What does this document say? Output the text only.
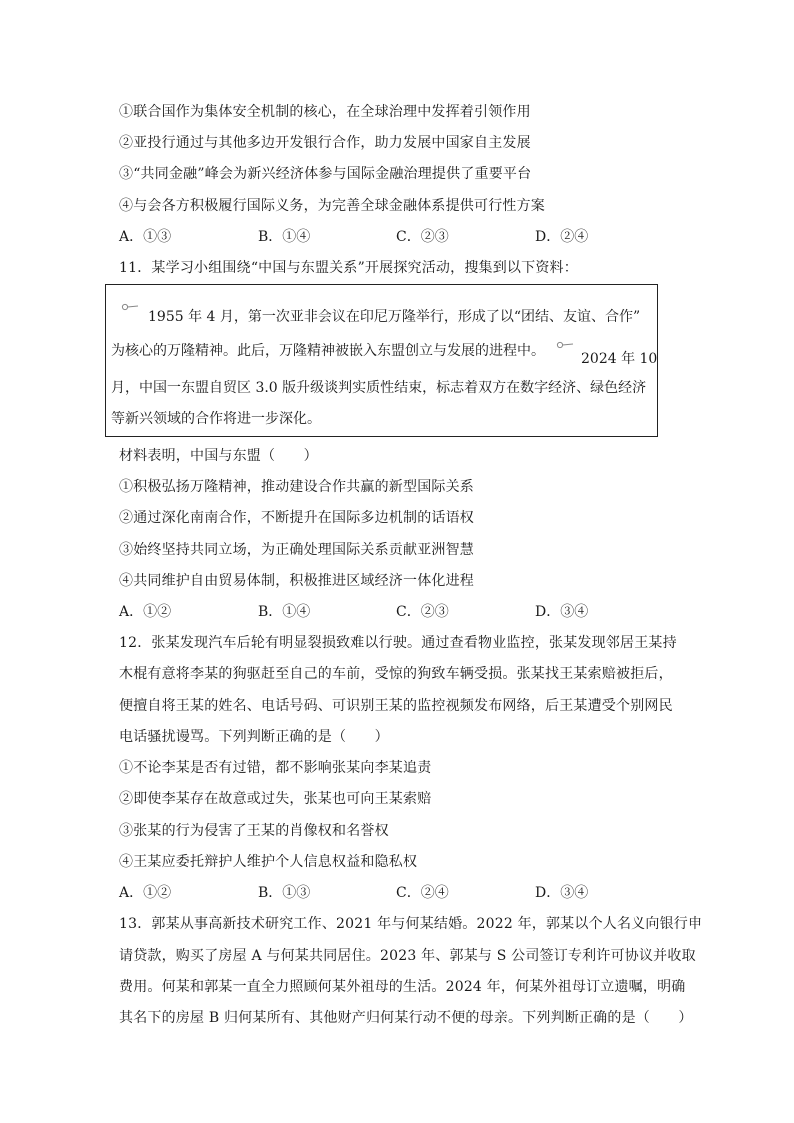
①联合国作为集体安全机制的核心，在全球治理中发挥着引领作用
②亚投行通过与其他多边开发银行合作，助力发展中国家自主发展
③“共同金融”峰会为新兴经济体参与国际金融治理提供了重要平台
④与会各方积极履行国际义务，为完善全球金融体系提供可行性方案
A．①③	B．①④	C．②③	D．②④
11．某学习小组围绕“中国与东盟关系”开展探究活动，搜集到以下资料：
1955 年 4 月，第一次亚非会议在印尼万隆举行，形成了以“团结、友谊、合作”
为核心的万隆精神。此后，万隆精神被嵌入东盟创立与发展的进程中。	2024 年 10
月，中国一东盟自贸区 3.0 版升级谈判实质性结束，标志着双方在数字经济、绿色经济
等新兴领域的合作将进一步深化。
材料表明，中国与东盟（　　）
①积极弘扬万隆精神，推动建设合作共赢的新型国际关系
②通过深化南南合作，不断提升在国际多边机制的话语权
③始终坚持共同立场，为正确处理国际关系贡献亚洲智慧
④共同维护自由贸易体制，积极推进区域经济一体化进程
A．①②	B．①④	C．②③	D．③④
12．张某发现汽车后轮有明显裂损致难以行驶。通过查看物业监控，张某发现邻居王某持
木棍有意将李某的狗驱赶至自己的车前，受惊的狗致车辆受损。张某找王某索赔被拒后，
便擅自将王某的姓名、电话号码、可识别王某的监控视频发布网络，后王某遭受个别网民
电话骚扰谩骂。下列判断正确的是（　　）
①不论李某是否有过错，都不影响张某向李某追责
②即使李某存在故意或过失，张某也可向王某索赔
③张某的行为侵害了王某的肖像权和名誉权
④王某应委托辩护人维护个人信息权益和隐私权
A．①②	B．①③	C．②④	D．③④
13．郭某从事高新技术研究工作、2021 年与何某结婚。2022 年，郭某以个人名义向银行申
请贷款，购买了房屋 A 与何某共同居住。2023 年、郭某与 S 公司签订专利许可协议并收取
费用。何某和郭某一直全力照顾何某外祖母的生活。2024 年，何某外祖母订立遗嘱，明确
其名下的房屋 B 归何某所有、其他财产归何某行动不便的母亲。下列判断正确的是（　　）
